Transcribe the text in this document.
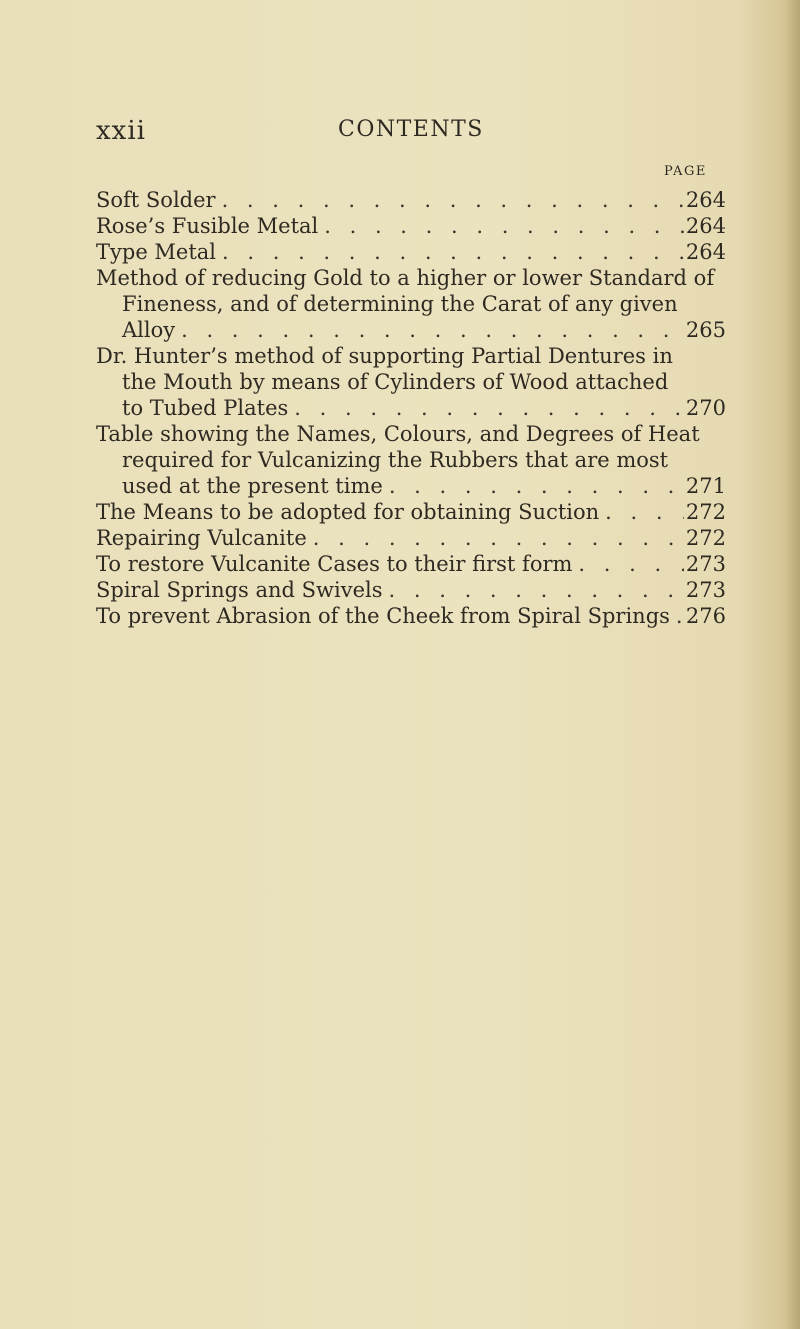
xxii	CONTENTS
PAGE
Soft Solder . .	264
Rose’s Fusible Metal . .	264
Type Metal . .	264
Method of reducing Gold to a higher or lower Standard of
Fineness, and of determining the Carat of any given
Alloy . .	265
Dr. Hunter’s method of supporting Partial Dentures in
the Mouth by means of Cylinders of Wood attached
to Tubed Plates . .	270
Table showing the Names, Colours, and Degrees of Heat
required for Vulcanizing the Rubbers that are most
used at the present time . .	271
The Means to be adopted for obtaining Suction . .	272
Repairing Vulcanite . .	272
To restore Vulcanite Cases to their first form . .	273
Spiral Springs and Swivels . .	273
To prevent Abrasion of the Cheek from Spiral Springs . . 276
